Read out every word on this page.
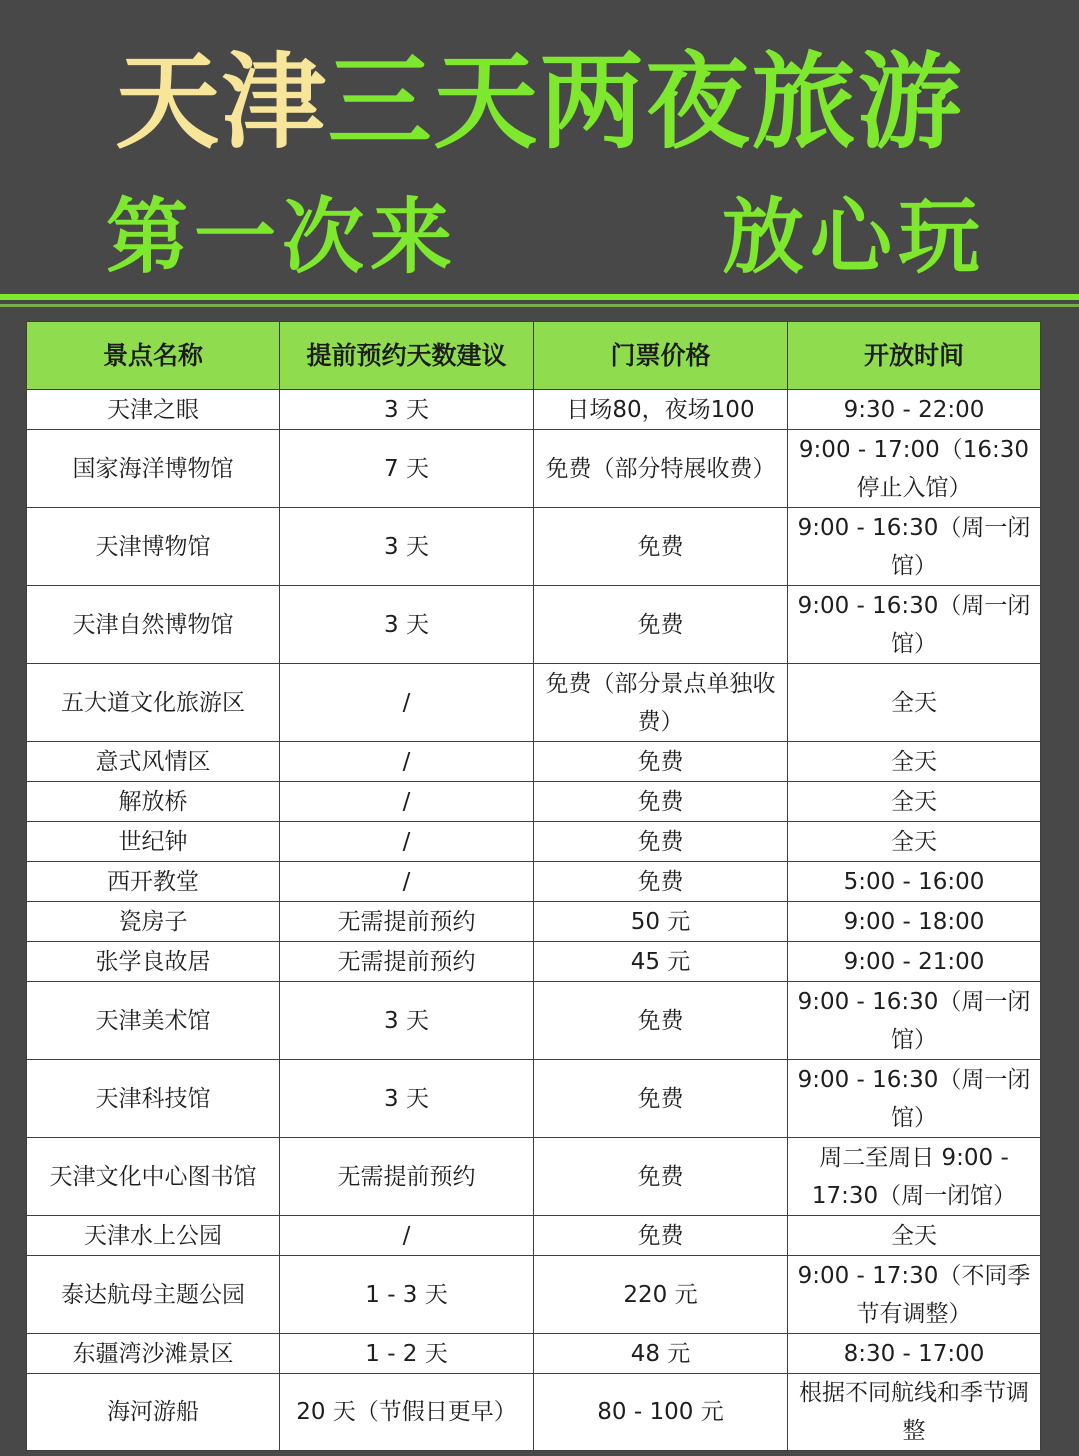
天津三天两夜旅游
第一次来	放心玩
景点名称	提前预约天数建议	门票价格	开放时间
天津之眼	3 天	日场80，夜场100	9:30 - 22:00
国家海洋博物馆	7 天	免费（部分特展收费）	9:00 - 17:00（16:30 停止入馆）
天津博物馆	3 天	免费	9:00 - 16:30（周一闭馆）
天津自然博物馆	3 天	免费	9:00 - 16:30（周一闭馆）
五大道文化旅游区	/	免费（部分景点单独收费）	全天
意式风情区	/	免费	全天
解放桥	/	免费	全天
世纪钟	/	免费	全天
西开教堂	/	免费	5:00 - 16:00
瓷房子	无需提前预约	50 元	9:00 - 18:00
张学良故居	无需提前预约	45 元	9:00 - 21:00
天津美术馆	3 天	免费	9:00 - 16:30（周一闭馆）
天津科技馆	3 天	免费	9:00 - 16:30（周一闭馆）
天津文化中心图书馆	无需提前预约	免费	周二至周日 9:00 - 17:30（周一闭馆）
天津水上公园	/	免费	全天
泰达航母主题公园	1 - 3 天	220 元	9:00 - 17:30（不同季节有调整）
东疆湾沙滩景区	1 - 2 天	48 元	8:30 - 17:00
海河游船	20 天（节假日更早）	80 - 100 元	根据不同航线和季节调整
